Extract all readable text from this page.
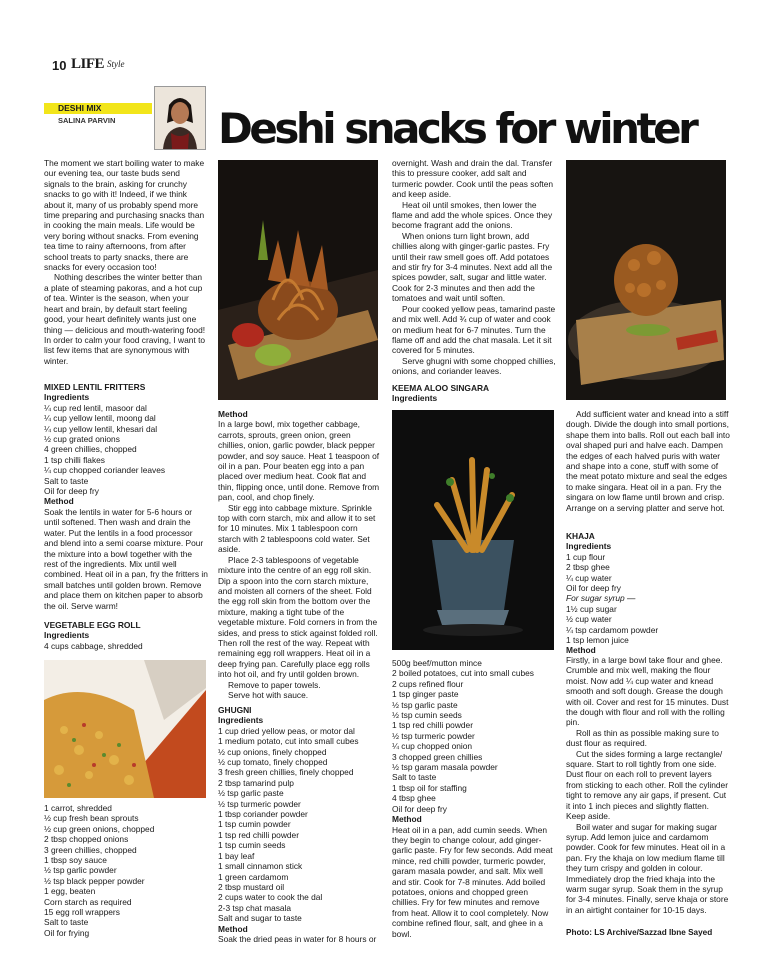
10 LIFE Style
DESHI MIX
SALINA PARVIN Deshi snacks for winter

The moment we start boiling water to make our evening tea, our taste buds send signals to the brain, asking for crunchy snacks to go with it! Indeed, if we think about it, many of us probably spend more time preparing and purchasing snacks than in cooking the main meals. Life would be very boring without snacks. From evening tea time to rainy afternoons, from after school treats to party snacks, there are snacks for every occasion too!

Nothing describes the winter better than a plate of steaming pakoras, and a hot cup of tea. Winter is the season, when your heart and brain, by default start feeling good, your heart definitely wants just one thing — delicious and mouth-watering food! In order to calm your food craving, I want to list few items that are synonymous with winter.

MIXED LENTIL FRITTERS
Ingredients
¼ cup red lentil, masoor dal
¼ cup yellow lentil, moong dal
¼ cup yellow lentil, khesari dal
½ cup grated onions
4 green chillies, chopped
1 tsp chilli flakes
¼ cup chopped coriander leaves
Salt to taste
Oil for deep fry
Method
Soak the lentils in water for 5-6 hours or until softened. Then wash and drain the water. Put the lentils in a food processor and blend into a semi coarse mixture. Pour the mixture into a bowl together with the rest of the ingredients. Mix until well combined. Heat oil in a pan, fry the fritters in small batches until golden brown. Remove and place them on kitchen paper to absorb the oil. Serve warm!
VEGETABLE EGG ROLL
Ingredients
4 cups cabbage, shredded
1 carrot, shredded
½ cup fresh bean sprouts
½ cup green onions, chopped
2 tbsp chopped onions
3 green chillies, chopped
1 tbsp soy sauce
½ tsp garlic powder
½ tsp black pepper powder
1 egg, beaten
Corn starch as required
15 egg roll wrappers
Salt to taste
Oil for frying
Method

In a large bowl, mix together cabbage, carrots, sprouts, green onion, green chillies, onion, garlic powder, black pepper powder, and soy sauce. Heat 1 teaspoon of oil in a pan. Pour beaten egg into a pan placed over medium heat. Cook flat and thin, flipping once, until done. Remove from pan, cool, and chop finely.

Stir egg into cabbage mixture. Sprinkle top with corn starch, mix and allow it to set for 10 minutes. Mix 1 tablespoon corn starch with 2 tablespoons cold water. Set aside.

Place 2-3 tablespoons of vegetable mixture into the centre of an egg roll skin. Dip a spoon into the corn starch mixture, and moisten all corners of the sheet. Fold the egg roll skin from the bottom over the mixture, making a tight tube of the vegetable mixture. Fold corners in from the sides, and press to stick against folded roll. Then roll the rest of the way. Repeat with remaining egg roll wrappers. Heat oil in a deep frying pan. Carefully place egg rolls into hot oil, and fry until golden brown.

Remove to paper towels.

Serve hot with sauce.

GHUGNI
Ingredients
1 cup dried yellow peas, or motor dal
1 medium potato, cut into small cubes
½ cup onions, finely chopped
½ cup tomato, finely chopped
3 fresh green chillies, finely chopped
2 tbsp tamarind pulp
½ tsp garlic paste
½ tsp turmeric powder
1 tbsp coriander powder
1 tsp cumin powder
1 tsp red chilli powder
1 tsp cumin seeds
1 bay leaf
1 small cinnamon stick
1 green cardamom
2 tbsp mustard oil
2 cups water to cook the dal
2-3 tsp chat masala
Salt and sugar to taste
Method
Soak the dried peas in water for 8 hours or

overnight. Wash and drain the dal. Transfer this to pressure cooker, add salt and turmeric powder. Cook until the peas soften and keep aside.

Heat oil until smokes, then lower the flame and add the whole spices. Once they become fragrant add the onions.

When onions turn light brown, add chillies along with ginger-garlic pastes. Fry until their raw smell goes off. Add potatoes and stir fry for 3-4 minutes. Next add all the spices powder, salt, sugar and little water. Cook for 2-3 minutes and then add the tomatoes and wait until soften.

Pour cooked yellow peas, tamarind paste and mix well. Add ¾ cup of water and cook on medium heat for 6-7 minutes. Turn the flame off and add the chat masala. Let it sit covered for 5 minutes.

Serve ghugni with some chopped chillies, onions, and coriander leaves.

KEEMA ALOO SINGARA
Ingredients
500g beef/mutton mince
2 boiled potatoes, cut into small cubes
2 cups refined flour
1 tsp ginger paste
½ tsp garlic paste
½ tsp cumin seeds
1 tsp red chilli powder
½ tsp turmeric powder
¼ cup chopped onion
3 chopped green chillies
½ tsp garam masala powder
Salt to taste
1 tbsp oil for staffing
4 tbsp ghee
Oil for deep fry
Method
Heat oil in a pan, add cumin seeds. When they begin to change colour, add ginger-garlic paste. Fry for few seconds. Add meat mince, red chilli powder, turmeric powder, garam masala powder, and salt. Mix well and stir. Cook for 7-8 minutes. Add boiled potatoes, onions and chopped green chillies. Fry for few minutes and remove from heat. Allow it to cool completely. Now combine refined flour, salt, and ghee in a bowl.
Add sufficient water and knead into a stiff dough. Divide the dough into small portions, shape them into balls. Roll out each ball into oval shaped puri and halve each. Dampen the edges of each halved puris with water and shape into a cone, stuff with some of the meat potato mixture and seal the edges to make singara. Heat oil in a pan. Fry the singara on low flame until brown and crisp. Arrange on a serving platter and serve hot.
KHAJA
Ingredients
1 cup flour
2 tbsp ghee
¼ cup water
Oil for deep fry
For sugar syrup —
1½ cup sugar
½ cup water
¼ tsp cardamom powder
1 tsp lemon juice
Method

Firstly, in a large bowl take flour and ghee. Crumble and mix well, making the flour moist. Now add ¼ cup water and knead smooth and soft dough. Grease the dough with oil. Cover and rest for 15 minutes. Dust the dough with flour and roll with the rolling pin.

Roll as thin as possible making sure to dust flour as required.

Cut the sides forming a large rectangle/ square. Start to roll tightly from one side. Dust flour on each roll to prevent layers from sticking to each other. Roll the cylinder tight to remove any air gaps, if present. Cut it into 1 inch pieces and slightly flatten. Keep aside.

Boil water and sugar for making sugar syrup. Add lemon juice and cardamom powder. Cook for few minutes. Heat oil in a pan. Fry the khaja on low medium flame till they turn crispy and golden in colour. Immediately drop the fried khaja into the warm sugar syrup. Soak them in the syrup for 3-4 minutes. Finally, serve khaja or store in an airtight container for 10-15 days.

Photo: LS Archive/Sazzad Ibne Sayed
